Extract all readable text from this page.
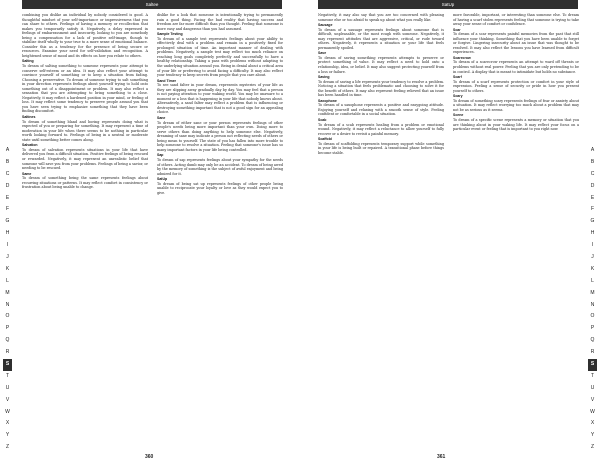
Saltee
A
B
C
D
E
F
G
H
I
J
K
L
M
N
O
P
Q
R
S
T
U
V
W
X
Y
Z
combining you dislike an individual by nobody considered is good. A thoughtful mindset of your self-importance or impressiveness that you can share to others. Feelings of having a memory or recollection that makes you temporarily satisfy it. Negatively, a delay expressed in feelings of embarrassment and insecurity, looking to you are somebody being a compensation for a lack of positive self-image, though to stabilize itself wholly to your true to a more sense of emotional balance. Consider this as a tendency for the presence of being secure or resources. Examine your need for self-validation and recognition. A heightened sense of mood and its effects on how you relate to others.
Salting
To dream of salting something to someone represents your attempt to conserve self-esteem or an idea. It may also reflect your attempt to convince yourself of something or to keep a situation from fading. Choosing a preservative. To dream of someone trying to salt something in your direction represents feelings about yourself trying to hold onto something out of a disappointment or problem. It may also reflect a sensation that you are attempting to bring something to a close. Negatively, it may reflect a hardened position in your mind, or feeling of loss. It may reflect some tendency to preserve people around you that you have seen trying to emphasize something that they have been finding discomfort.
Saltines
To dream of something bland and boring represents doing what is expected of you or preparing for something. It may represent a time of moderation in your life when there seems to be nothing in particular worth looking forward to. Feelings of being in a neutral or moderate state until something better comes along.
Salvation
To dream of salvation represents situations in your life that have delivered you from a difficult situation. Positive feelings of being rescued or rewarded. Negatively, it may represent an unrealistic belief that someone will save you from your problems. Feelings of being a savior, or needing to be rescued.
Same
To dream of something being the same represents feelings about recurring situations or patterns. It may reflect comfort in consistency or frustration about being unable to change.
dislike for a look that someone is intentionally trying to permanently ruin a good thing. Facing the bad reality that having success and freedom are far more difficult than you thought. Feeling that someone is more easy and dangerous than you had assumed.
Sample Testing
To dream of a sample test represents feelings about your ability to effectively deal with a problem and remain in a positively fixed for prolonged situation of time. An important manner of dealing with problems. Negatively, a sample test may reflect too much reliance on reaching long goals completely perfectly and successfully to have a healthy relationship. Taking a pass with problems without adapting to the underlying situation around you. Being in denial about a critical area of your life or preferring to avoid facing a difficulty. It may also reflect your tendency to keep secrets from people that you care about.
Sand Timer
To see sand falter in your dream, represents mysteries of your life as they are slipping away gradually day by day. You may feel that a person is not paying attention to your waking world. You may be unaware to a moment or a loss that is happening in your life that nobody knows about. Alternatively, a sand falter may reflect a problem that is influencing or destroying something important that is not a good sign for an appealing choice.
Sane
To dream of either sane or your person represents feelings of other people's needs being more important than your own. Doing more to serve others than doing anything to help someone else. Negatively, dreaming of sane may indicate a person not reflecting needs of others or being mean to yourself. The state of you has fallen into more trouble to help someone to resolve a situation. Feeling that someone's issue has so many important factors in your life being controlled.
Sap
To dream of sap represents feelings about your sympathy for the needs of others. Acting dumb may only be an accident. To dream of being awed by the memory of something is the subject of awful enjoyment and being admired for it.
SatUp
To dream of being sat up represents feelings of other people being unable to reciprocate your loyalty or love as they would expect you to give.
360
SatUp
A
B
C
D
E
F
G
H
I
J
K
L
M
N
O
P
Q
R
S
T
U
V
W
X
Y
Z
Negatively, it may also say that you are too concerned with pleasing someone else or too afraid to speak up about what you really like.
Sausage
To dream of a sausage represents feelings about someone that is difficult, unpleasable, or the most rough with someone. Negatively, it may represent attitudes that are aggressive, critical, or rude toward others. Negatively, it represents a situation or your life that feels permanently spoiled.
Save
To dream of saving something represents attempts to preserve or protect something of value. It may reflect a need to hold onto a relationship, idea, or belief. It may also suggest protecting yourself from a loss or failure.
Saving
To dream of saving a life represents your tendency to resolve a problem. Noticing a situation that feels problematic and choosing to solve it for the benefit of others. It may also represent feeling relieved that an issue has been handled in time.
Saxophone
To dream of a saxophone represents a positive and easygoing attitude. Enjoying yourself and relaxing with a smooth sense of style. Feeling confident or comfortable in a social situation.
Scab
To dream of a scab represents healing from a problem or emotional wound. Negatively, it may reflect a reluctance to allow yourself to fully recover or a desire to revisit a painful memory.
Scaffold
To dream of scaffolding represents temporary support while something in your life is being built or repaired. A transitional phase before things become stable.
more favorable, important, or interesting than someone else. To dream of having a scarf stolen represents feeling that someone is trying to take away your sense of comfort or confidence.
Scar
To dream of a scar represents painful memories from the past that still influence your thinking. Something that you have been unable to forget or forgive. Lingering insecurity about an issue that was thought to be resolved. It may also reflect the lessons you have learned from difficult experiences.
Scarecrow
To dream of a scarecrow represents an attempt to ward off threats or problems without real power. Feeling that you are only pretending to be in control. A display that is meant to intimidate but holds no substance.
Scarf
To dream of a scarf represents protection or comfort in your style of expression. Feeling a sense of security or pride in how you present yourself to others.
Scary
To dream of something scary represents feelings of fear or anxiety about a situation. It may reflect worrying too much about a problem that may not be as serious as it seems.
Scene
To dream of a specific scene represents a memory or situation that you are thinking about in your waking life. It may reflect your focus on a particular event or feeling that is important to you right now.
361
